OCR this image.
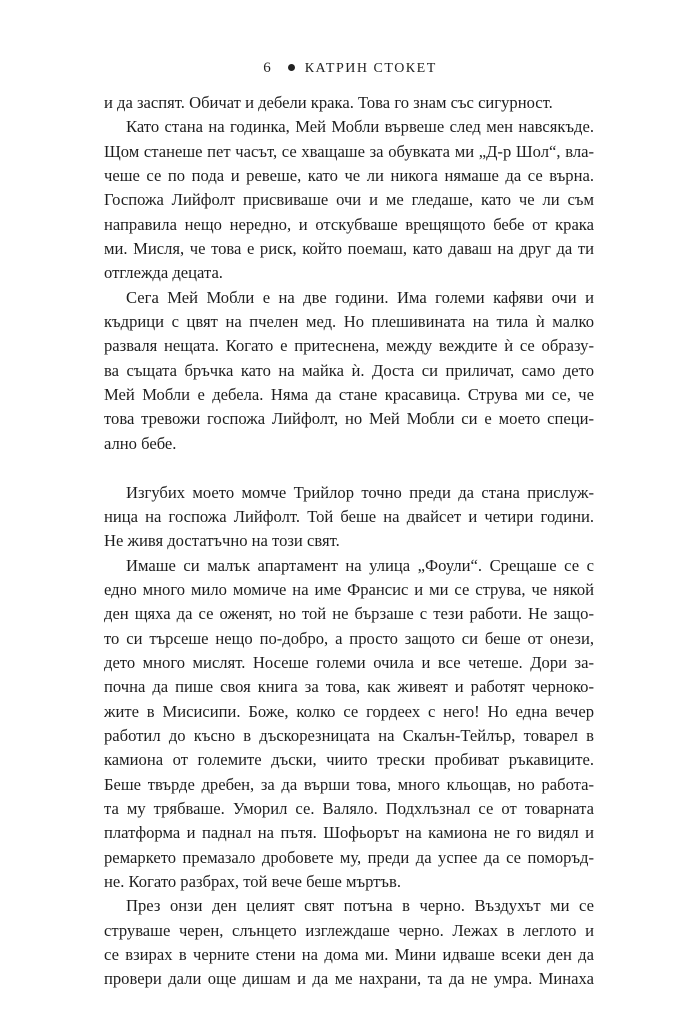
6 КАТРИН СТОКЕТ
и да заспят. Обичат и дебели крака. Това го знам със сигурност.
Като стана на годинка, Мей Мобли вървеше след мен навсякъде.
Щом станеше пет часът, се хващаше за обувката ми „Д-р Шол“, вла-
чеше се по пода и ревеше, като че ли никога нямаше да се върна.
Госпожа Лийфолт присвиваше очи и ме гледаше, като че ли съм
направила нещо нередно, и отскубваше врещящото бебе от крака
ми. Мисля, че това е риск, който поемаш, като даваш на друг да ти
отглежда децата.
Сега Мей Мобли е на две години. Има големи кафяви очи и
къдрици с цвят на пчелен мед. Но плешивината на тила ѝ малко
разваля нещата. Когато е притеснена, между веждите ѝ се образу-
ва същата бръчка като на майка ѝ. Доста си приличат, само дето
Мей Мобли е дебела. Няма да стане красавица. Струва ми се, че
това тревожи госпожа Лийфолт, но Мей Мобли си е моето специ-
ално бебе.
Изгубих моето момче Трийлор точно преди да стана прислуж-
ница на госпожа Лийфолт. Той беше на двайсет и четири години.
Не живя достатъчно на този свят.
Имаше си малък апартамент на улица „Фоули“. Срещаше се с
едно много мило момиче на име Франсис и ми се струва, че някой
ден щяха да се оженят, но той не бързаше с тези работи. Не защо-
то си търсеше нещо по-добро, а просто защото си беше от онези,
дето много мислят. Носеше големи очила и все четеше. Дори за-
почна да пише своя книга за това, как живеят и работят черноко-
жите в Мисисипи. Боже, колко се гордеех с него! Но една вечер
работил до късно в дъскорезницата на Скалън-Тейлър, товарел в
камиона от големите дъски, чиито трески пробиват ръкавиците.
Беше твърде дребен, за да върши това, много кльощав, но работа-
та му трябваше. Уморил се. Валяло. Подхлъзнал се от товарната
платформа и паднал на пътя. Шофьорът на камиона не го видял и
ремаркето премазало дробовете му, преди да успее да се поморъд-
не. Когато разбрах, той вече беше мъртъв.
През онзи ден целият свят потъна в черно. Въздухът ми се
струваше черен, слънцето изглеждаше черно. Лежах в леглото и
се взирах в черните стени на дома ми. Мини идваше всеки ден да
провери дали още дишам и да ме нахрани, та да не умра. Минаха
